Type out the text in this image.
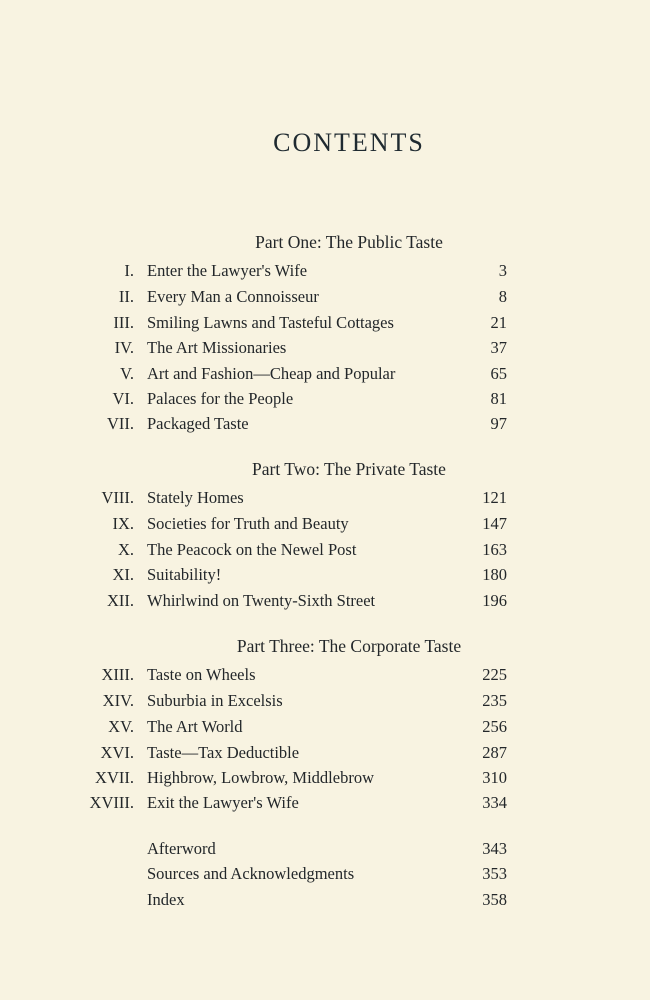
CONTENTS
Part One: The Public Taste
I. Enter the Lawyer's Wife	3
II. Every Man a Connoisseur	8
III. Smiling Lawns and Tasteful Cottages	21
IV. The Art Missionaries	37
V. Art and Fashion—Cheap and Popular	65
VI. Palaces for the People	81
VII. Packaged Taste	97
Part Two: The Private Taste
VIII. Stately Homes	121
IX. Societies for Truth and Beauty	147
X. The Peacock on the Newel Post	163
XI. Suitability!	180
XII. Whirlwind on Twenty-Sixth Street	196
Part Three: The Corporate Taste
XIII. Taste on Wheels	225
XIV. Suburbia in Excelsis	235
XV. The Art World	256
XVI. Taste—Tax Deductible	287
XVII. Highbrow, Lowbrow, Middlebrow	310
XVIII. Exit the Lawyer's Wife	334
Afterword	343
Sources and Acknowledgments	353
Index	358
